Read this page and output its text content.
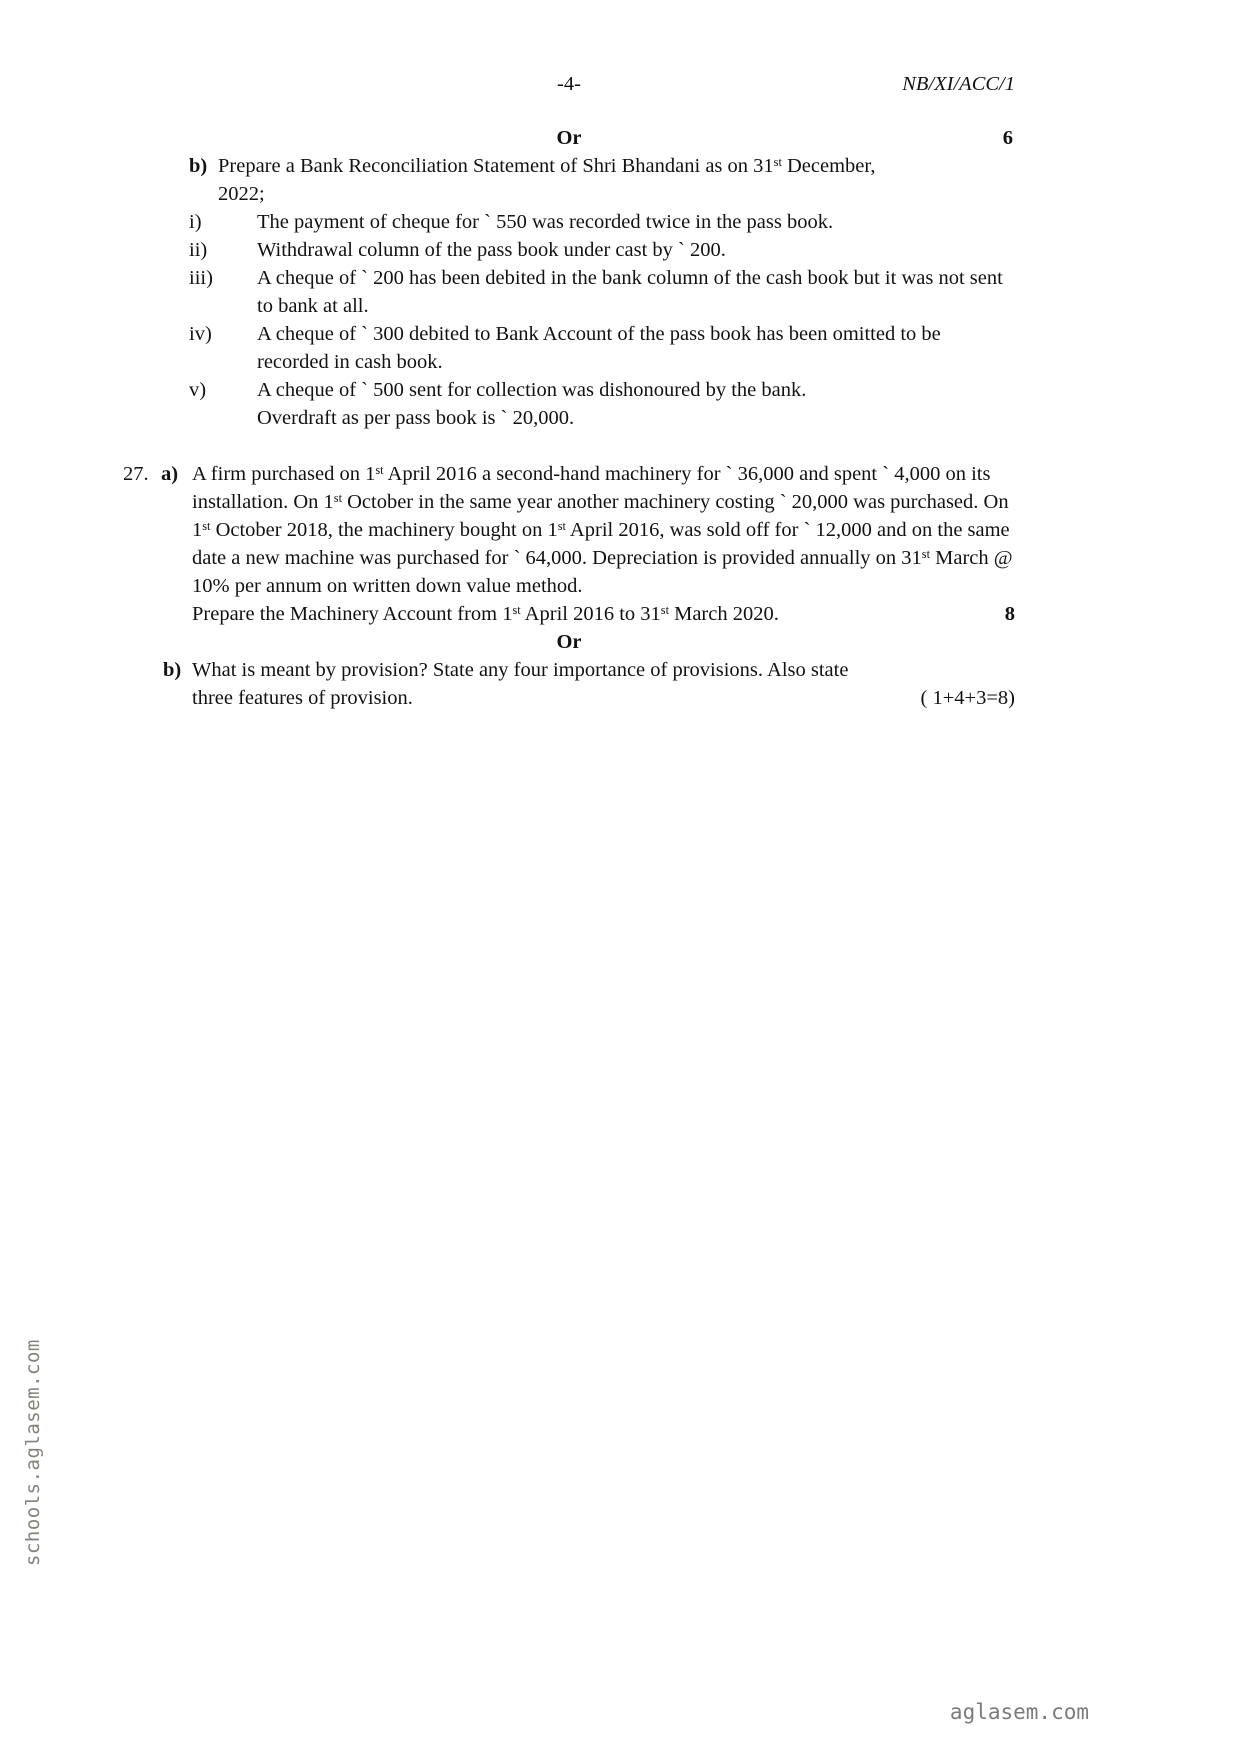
-4-	NB/XI/ACC/1
Or	6
b) Prepare a Bank Reconciliation Statement of Shri Bhandani as on 31st December,
2022;
i)	The payment of cheque for ` 550 was recorded twice in the pass book.
ii)	Withdrawal column of the pass book under cast by ` 200.
iii)	A cheque of ` 200 has been debited in the bank column of the cash book but it was not sent to bank at all.
iv)	A cheque of ` 300 debited to Bank Account of the pass book has been omitted to be recorded in cash book.
v)	A cheque of ` 500 sent for collection was dishonoured by the bank.
Overdraft as per pass book is ` 20,000.
27. a) A firm purchased on 1st April 2016 a second-hand machinery for ` 36,000 and spent ` 4,000 on its installation. On 1st October in the same year another machinery costing ` 20,000 was purchased. On 1st October 2018, the machinery bought on 1st April 2016, was sold off for ` 12,000 and on the same date a new machine was purchased for ` 64,000. Depreciation is provided annually on 31st March @ 10% per annum on written down value method.
Prepare the Machinery Account from 1st April 2016 to 31st March 2020.	8
Or
b) What is meant by provision? State any four importance of provisions. Also state
three features of provision.	( 1+4+3=8)
schools.aglasem.com
aglasem.com
